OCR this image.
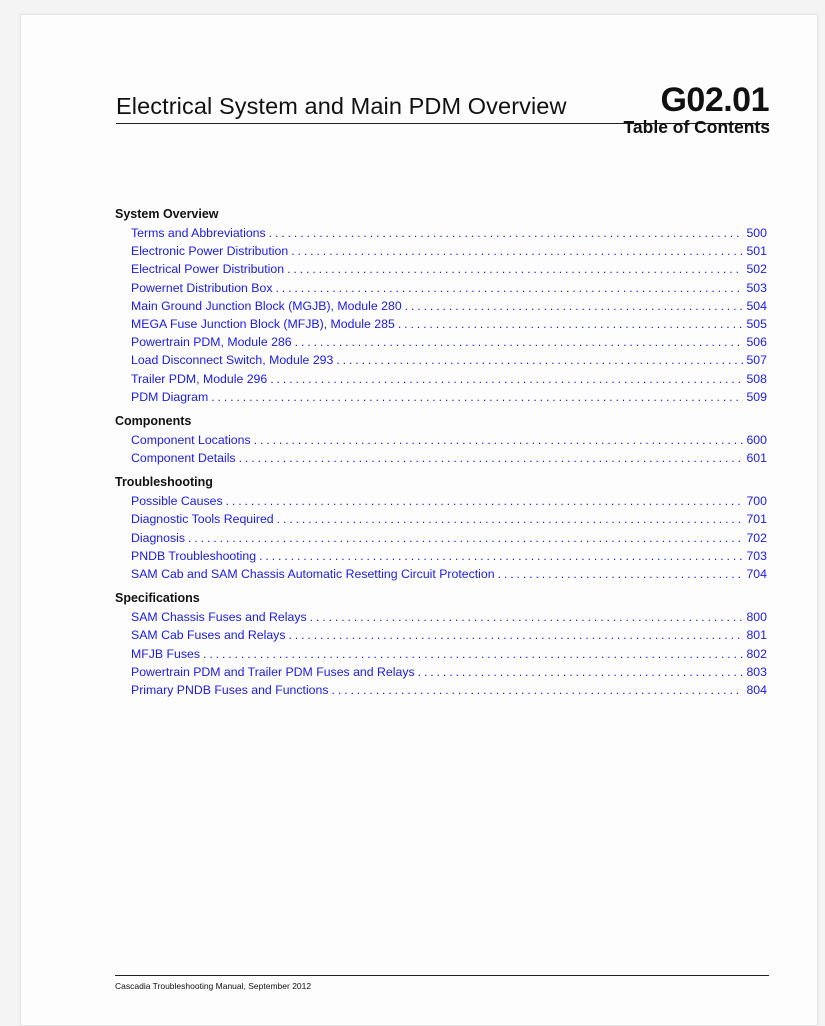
Electrical System and Main PDM Overview	G02.01
Table of Contents
System Overview
Terms and Abbreviations .....	500
Electronic Power Distribution .....	501
Electrical Power Distribution .....	502
Powernet Distribution Box .....	503
Main Ground Junction Block (MGJB), Module 280 .....	504
MEGA Fuse Junction Block (MFJB), Module 285 .....	505
Powertrain PDM, Module 286 .....	506
Load Disconnect Switch, Module 293 .....	507
Trailer PDM, Module 296 .....	508
PDM Diagram .....	509
Components
Component Locations .....	600
Component Details .....	601
Troubleshooting
Possible Causes .....	700
Diagnostic Tools Required .....	701
Diagnosis .....	702
PNDB Troubleshooting .....	703
SAM Cab and SAM Chassis Automatic Resetting Circuit Protection .....	704
Specifications
SAM Chassis Fuses and Relays .....	800
SAM Cab Fuses and Relays .....	801
MFJB Fuses .....	802
Powertrain PDM and Trailer PDM Fuses and Relays .....	803
Primary PNDB Fuses and Functions .....	804
Cascadia Troubleshooting Manual, September 2012
